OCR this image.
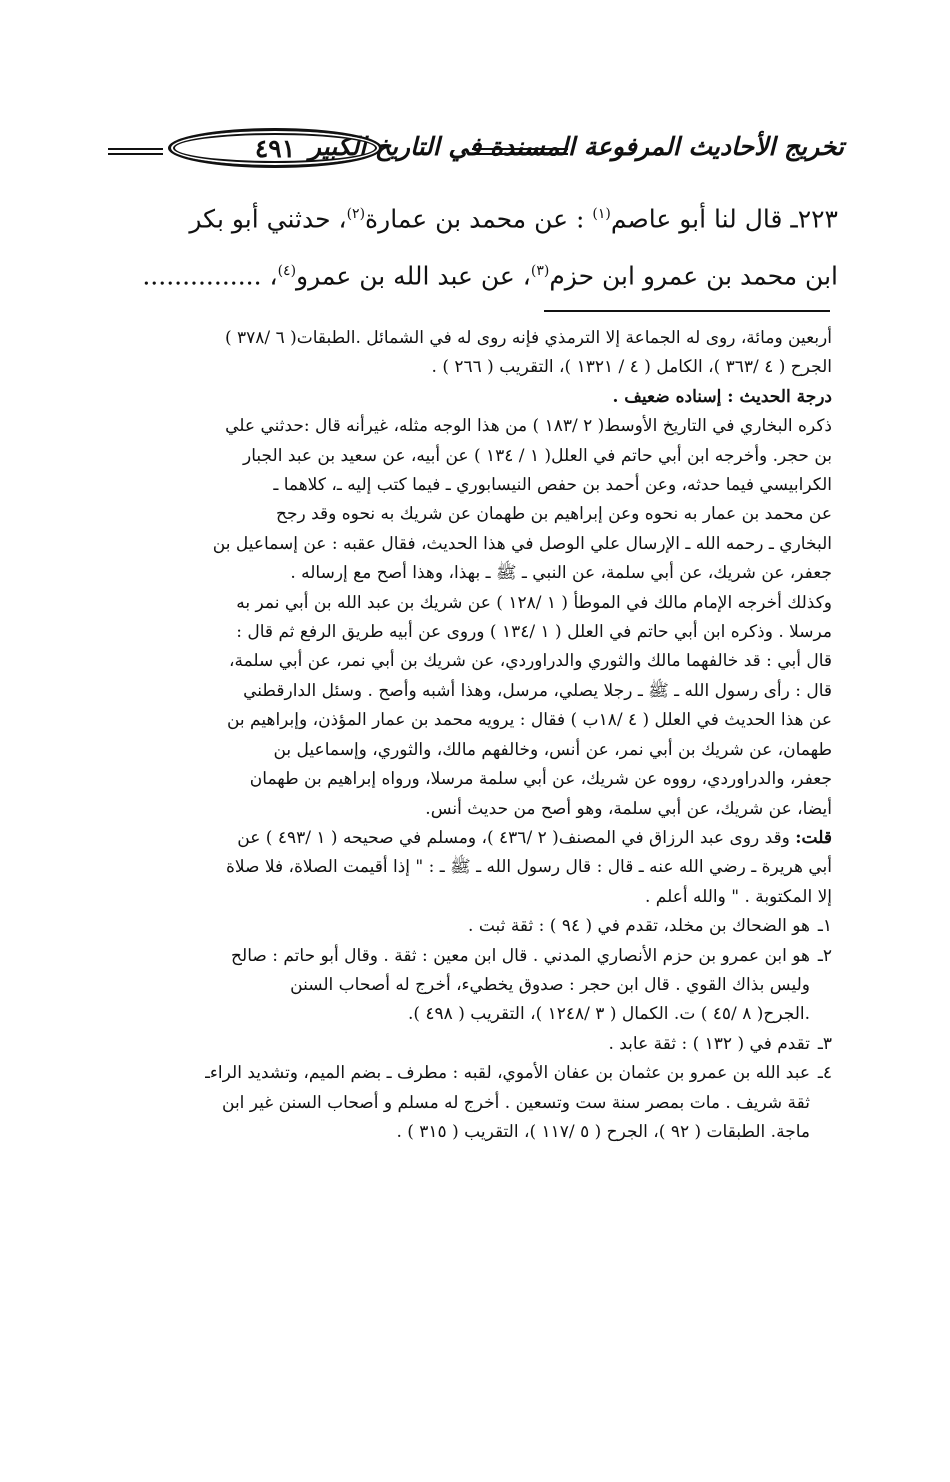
تخريج الأحاديث المرفوعة المسندة في التاريخ الكبير
٤٩١
٢٢٣ـ قال لنا أبو عاصم$^{(١)}$ : عن محمد بن عمارة$^{(٢)}$، حدثني أبو بكر
ابن محمد بن عمرو ابن حزم$^{(٣)}$، عن عبد الله بن عمرو$^{(٤)}$، ...............
أربعين ومائة، روى له الجماعة إلا الترمذي فإنه روى له في الشمائل .الطبقات( ٦ /٣٧٨ )
الجرح ( ٤ /٣٦٣ )، الكامل ( ٤ / ١٣٢١ )، التقريب ( ٢٦٦ ) .
درجة الحديث : إسناده ضعيف .
ذكره البخاري في التاريخ الأوسط( ٢ /١٨٣ ) من هذا الوجه مثله، غيرأنه قال :حدثني علي
بن حجر. وأخرجه ابن أبي حاتم في العلل( ١ / ١٣٤ ) عن أبيه، عن سعيد بن عبد الجبار
الكرابيسي فيما حدثه، وعن أحمد بن حفص النيسابوري ـ فيما كتب إليه ـ، كلاهما ـ
عن محمد بن عمار به نحوه وعن إبراهيم بن طهمان عن شريك به نحوه وقد رجح
البخاري ـ رحمه الله ـ الإرسال علي الوصل في هذا الحديث، فقال عقبه : عن إسماعيل بن
جعفر، عن شريك، عن أبي سلمة، عن النبي ـ ﷺ ـ بهذا، وهذا أصح مع إرساله .
وكذلك أخرجه الإمام مالك في الموطأ ( ١ /١٢٨ ) عن شريك بن عبد الله بن أبي نمر به
مرسلا . وذكره ابن أبي حاتم في العلل ( ١ /١٣٤ ) وروى عن أبيه طريق الرفع ثم قال :
قال أبي : قد خالفهما مالك والثوري والدراوردي، عن شريك بن أبي نمر، عن أبي سلمة،
قال : رأى رسول الله ـ ﷺ ـ رجلا يصلي، مرسل، وهذا أشبه وأصح . وسئل الدارقطني
عن هذا الحديث في العلل ( ٤ /١٨ب ) فقال : يرويه محمد بن عمار المؤذن، وإبراهيم بن
طهمان، عن شريك بن أبي نمر، عن أنس، وخالفهم مالك، والثوري، وإسماعيل بن
جعفر، والدراوردي، رووه عن شريك، عن أبي سلمة مرسلا، ورواه إبراهيم بن طهمان
أيضا، عن شريك، عن أبي سلمة، وهو أصح من حديث أنس.
قلت: وقد روى عبد الرزاق في المصنف( ٢ /٤٣٦ )، ومسلم في صحيحه ( ١ /٤٩٣ ) عن
أبي هريرة ـ رضي الله عنه ـ قال : قال رسول الله ـ ﷺ ـ : " إذا أقيمت الصلاة، فلا صلاة
إلا المكتوبة . " والله أعلم .
١ـ
هو الضحاك بن مخلد، تقدم في ( ٩٤ ) : ثقة ثبت .
٢ـ
هو ابن عمرو بن حزم الأنصاري المدني . قال ابن معين : ثقة . وقال أبو حاتم : صالح
وليس بذاك القوي . قال ابن حجر : صدوق يخطيء، أخرج له أصحاب السنن
.الجرح( ٨ /٤٥ ) ت. الكمال ( ٣ /١٢٤٨ )، التقريب ( ٤٩٨ ).
٣ـ
تقدم في ( ١٣٢ ) : ثقة عابد .
٤ـ
عبد الله بن عمرو بن عثمان بن عفان الأموي، لقبه : مطرف ـ بضم الميم، وتشديد الراءـ
ثقة شريف . مات بمصر سنة ست وتسعين . أخرج له مسلم و أصحاب السنن غير ابن
ماجة. الطبقات ( ٩٢ )، الجرح ( ٥ /١١٧ )، التقريب ( ٣١٥ ) .
